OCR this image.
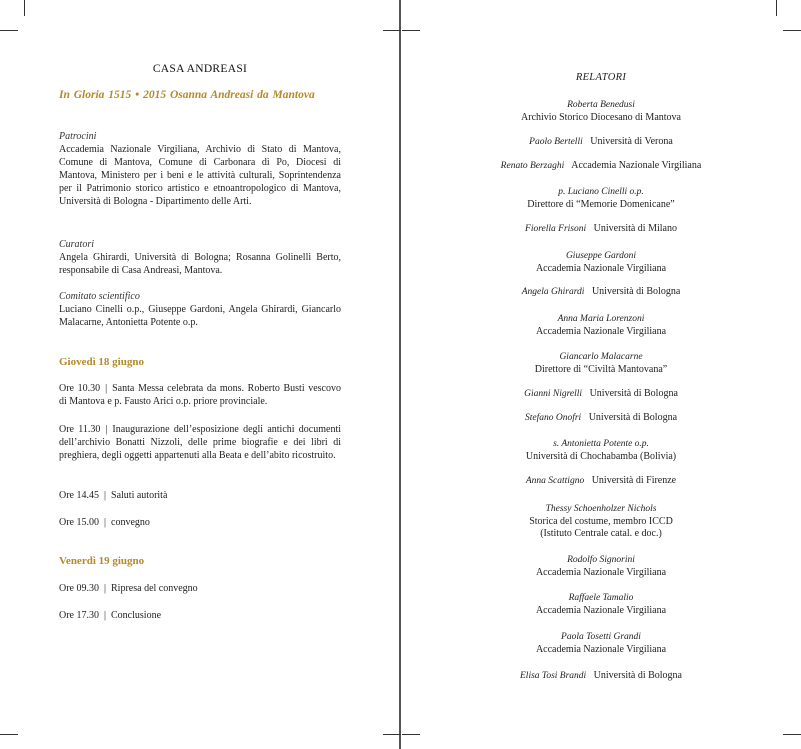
CASA ANDREASI
In Gloria 1515 • 2015 Osanna Andreasi da Mantova
Patrocini
Accademia Nazionale Virgiliana, Archivio di Stato di Mantova, Comune di Mantova, Comune di Carbonara di Po, Diocesi di Mantova, Ministero per i beni e le attività culturali, Soprintendenza per il Patrimonio storico artistico e etnoantropologico di Mantova, Università di Bologna - Dipartimento delle Arti.
Curatori
Angela Ghirardi, Università di Bologna; Rosanna Golinelli Berto, responsabile di Casa Andreasi, Mantova.
Comitato scientifico
Luciano Cinelli o.p., Giuseppe Gardoni, Angela Ghirardi, Giancarlo Malacarne, Antonietta Potente o.p.
Giovedì 18 giugno
Ore 10.30 | Santa Messa celebrata da mons. Roberto Busti vescovo di Mantova e p. Fausto Arici o.p. priore provinciale.
Ore 11.30 | Inaugurazione dell’esposizione degli antichi documenti dell’archivio Bonatti Nizzoli, delle prime biografie e dei libri di preghiera, degli oggetti appartenuti alla Beata e dell’abito ricostruito.
Ore 14.45 | Saluti autorità
Ore 15.00 | convegno
Venerdì 19 giugno
Ore 09.30 | Ripresa del convegno
Ore 17.30 | Conclusione
RELATORI
Roberta Benedusi
Archivio Storico Diocesano di Mantova
Paolo Bertelli Università di Verona
Renato Berzaghi Accademia Nazionale Virgiliana
p. Luciano Cinelli o.p.
Direttore di “Memorie Domenicane”
Fiorella Frisoni Università di Milano
Giuseppe Gardoni
Accademia Nazionale Virgiliana
Angela Ghirardi Università di Bologna
Anna Maria Lorenzoni
Accademia Nazionale Virgiliana
Giancarlo Malacarne
Direttore di “Civiltà Mantovana”
Gianni Nigrelli Università di Bologna
Stefano Onofri Università di Bologna
s. Antonietta Potente o.p.
Università di Chochabamba (Bolivia)
Anna Scattigno Università di Firenze
Thessy Schoenholzer Nichols
Storica del costume, membro ICCD
(Istituto Centrale catal. e doc.)
Rodolfo Signorini
Accademia Nazionale Virgiliana
Raffaele Tamalio
Accademia Nazionale Virgiliana
Paola Tosetti Grandi
Accademia Nazionale Virgiliana
Elisa Tosi Brandi Università di Bologna
